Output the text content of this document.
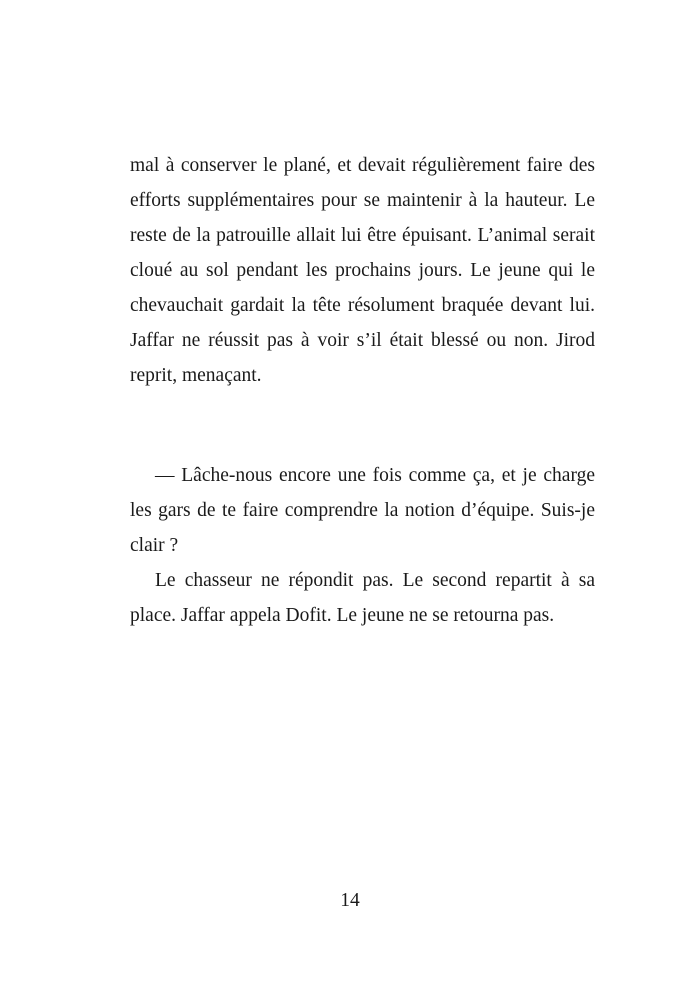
mal à conserver le plané, et devait régulièrement faire des efforts supplémentaires pour se maintenir à la hauteur. Le reste de la patrouille allait lui être épuisant. L’animal serait cloué au sol pendant les prochains jours. Le jeune qui le chevauchait gardait la tête résolument braquée devant lui. Jaffar ne réussit pas à voir s’il était blessé ou non. Jirod reprit, menaçant.

— Lâche-nous encore une fois comme ça, et je charge les gars de te faire comprendre la notion d’équipe. Suis-je clair ?

Le chasseur ne répondit pas. Le second repartit à sa place. Jaffar appela Dofit. Le jeune ne se retourna pas.

14
